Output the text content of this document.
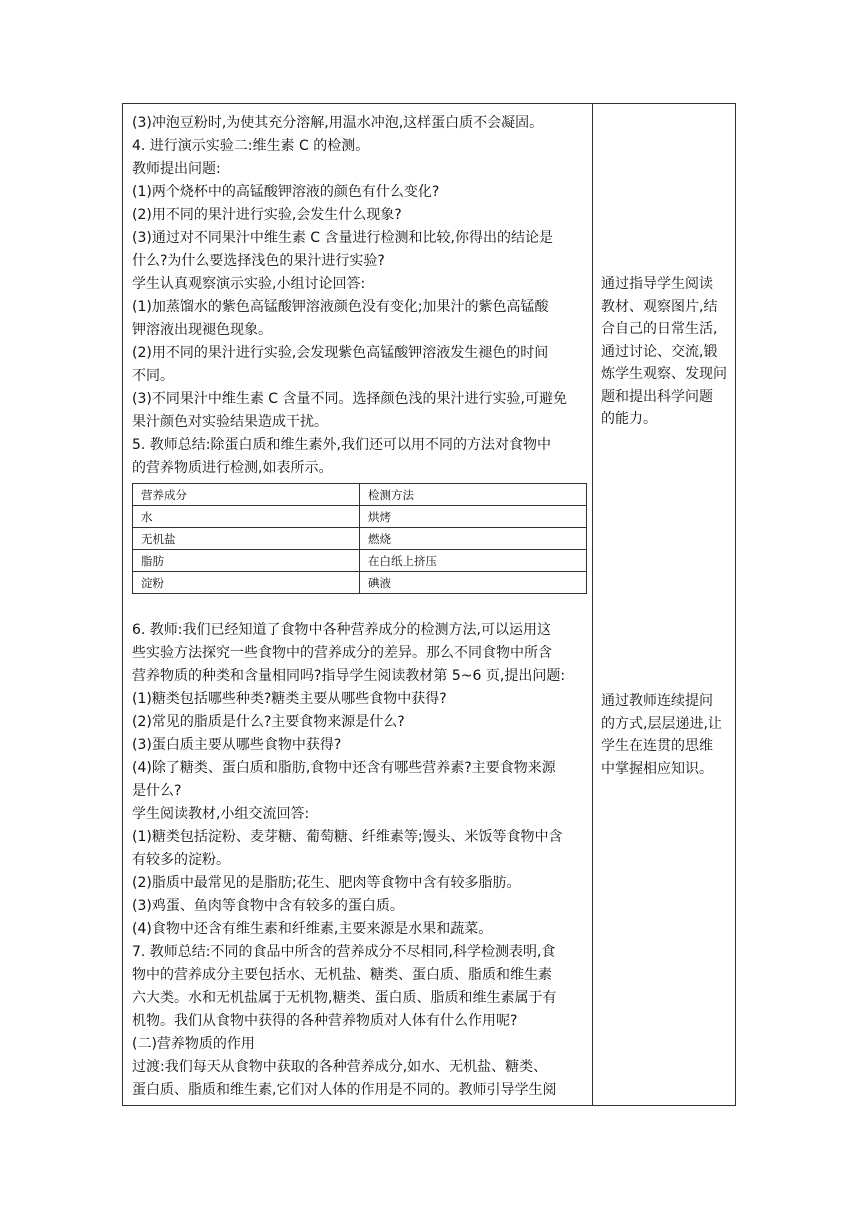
(3)冲泡豆粉时,为使其充分溶解,用温水冲泡,这样蛋白质不会凝固。
4. 进行演示实验二:维生素 C 的检测。
教师提出问题:
(1)两个烧杯中的高锰酸钾溶液的颜色有什么变化?
(2)用不同的果汁进行实验,会发生什么现象?
(3)通过对不同果汁中维生素 C 含量进行检测和比较,你得出的结论是
什么?为什么要选择浅色的果汁进行实验?
学生认真观察演示实验,小组讨论回答:
(1)加蒸馏水的紫色高锰酸钾溶液颜色没有变化;加果汁的紫色高锰酸
钾溶液出现褪色现象。
(2)用不同的果汁进行实验,会发现紫色高锰酸钾溶液发生褪色的时间
不同。
(3)不同果汁中维生素 C 含量不同。选择颜色浅的果汁进行实验,可避免
果汁颜色对实验结果造成干扰。
5. 教师总结:除蛋白质和维生素外,我们还可以用不同的方法对食物中
的营养物质进行检测,如表所示。
营养成分	检测方法
水	烘烤
无机盐	燃烧
脂肪	在白纸上挤压
淀粉	碘液
6. 教师:我们已经知道了食物中各种营养成分的检测方法,可以运用这
些实验方法探究一些食物中的营养成分的差异。那么不同食物中所含
营养物质的种类和含量相同吗?指导学生阅读教材第 5~6 页,提出问题:
(1)糖类包括哪些种类?糖类主要从哪些食物中获得?
(2)常见的脂质是什么?主要食物来源是什么?
(3)蛋白质主要从哪些食物中获得?
(4)除了糖类、蛋白质和脂肪,食物中还含有哪些营养素?主要食物来源
是什么?
学生阅读教材,小组交流回答:
(1)糖类包括淀粉、麦芽糖、葡萄糖、纤维素等;馒头、米饭等食物中含
有较多的淀粉。
(2)脂质中最常见的是脂肪;花生、肥肉等食物中含有较多脂肪。
(3)鸡蛋、鱼肉等食物中含有较多的蛋白质。
(4)食物中还含有维生素和纤维素,主要来源是水果和蔬菜。
7. 教师总结:不同的食品中所含的营养成分不尽相同,科学检测表明,食
物中的营养成分主要包括水、无机盐、糖类、蛋白质、脂质和维生素
六大类。水和无机盐属于无机物,糖类、蛋白质、脂质和维生素属于有
机物。我们从食物中获得的各种营养物质对人体有什么作用呢?
(二)营养物质的作用
过渡:我们每天从食物中获取的各种营养成分,如水、无机盐、糖类、
蛋白质、脂质和维生素,它们对人体的作用是不同的。教师引导学生阅
通过指导学生阅读
教材、观察图片,结
合自己的日常生活,
通过讨论、交流,锻
炼学生观察、发现问
题和提出科学问题
的能力。
通过教师连续提问
的方式,层层递进,让
学生在连贯的思维
中掌握相应知识。
